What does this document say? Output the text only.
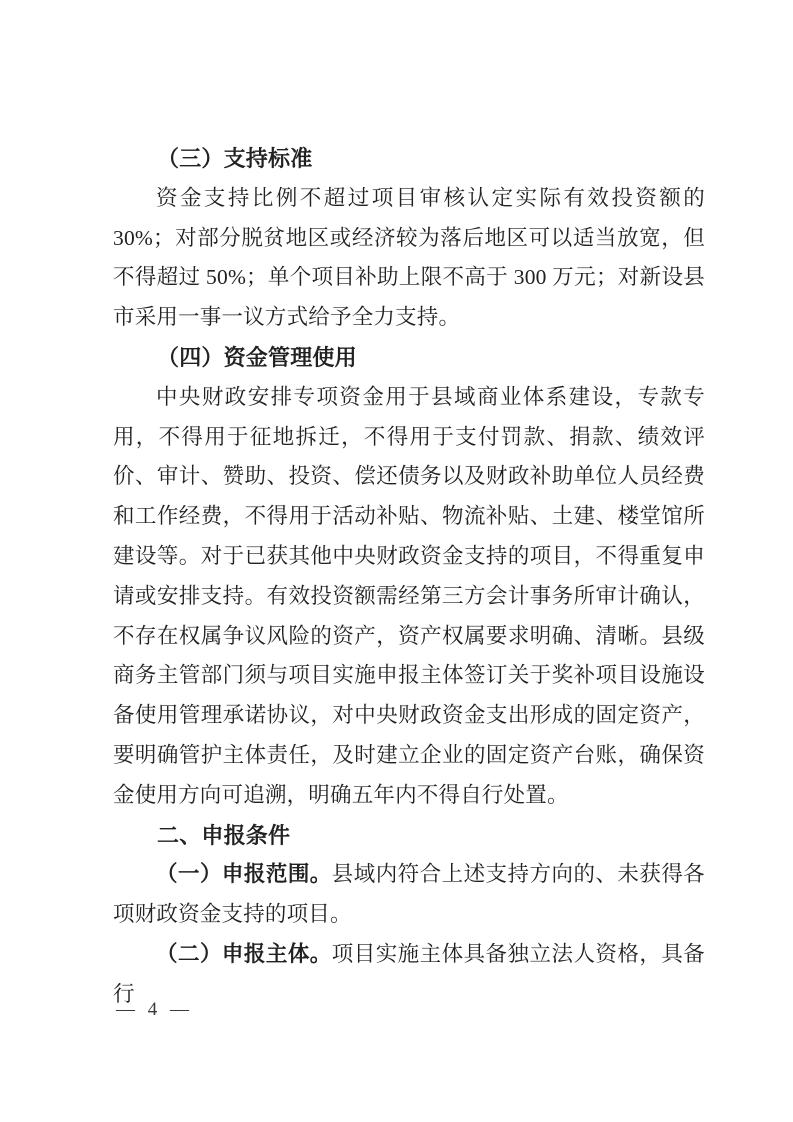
（三）支持标准

资金支持比例不超过项目审核认定实际有效投资额的 30%；对部分脱贫地区或经济较为落后地区可以适当放宽，但不得超过 50%；单个项目补助上限不高于 300 万元；对新设县市采用一事一议方式给予全力支持。

（四）资金管理使用

中央财政安排专项资金用于县域商业体系建设，专款专用，不得用于征地拆迁，不得用于支付罚款、捐款、绩效评价、审计、赞助、投资、偿还债务以及财政补助单位人员经费和工作经费，不得用于活动补贴、物流补贴、土建、楼堂馆所建设等。对于已获其他中央财政资金支持的项目，不得重复申请或安排支持。有效投资额需经第三方会计事务所审计确认，不存在权属争议风险的资产，资产权属要求明确、清晰。县级商务主管部门须与项目实施申报主体签订关于奖补项目设施设备使用管理承诺协议，对中央财政资金支出形成的固定资产，要明确管护主体责任，及时建立企业的固定资产台账，确保资金使用方向可追溯，明确五年内不得自行处置。

二、申报条件

（一）申报范围。县域内符合上述支持方向的、未获得各项财政资金支持的项目。

（二）申报主体。项目实施主体具备独立法人资格，具备行

— 4 —
